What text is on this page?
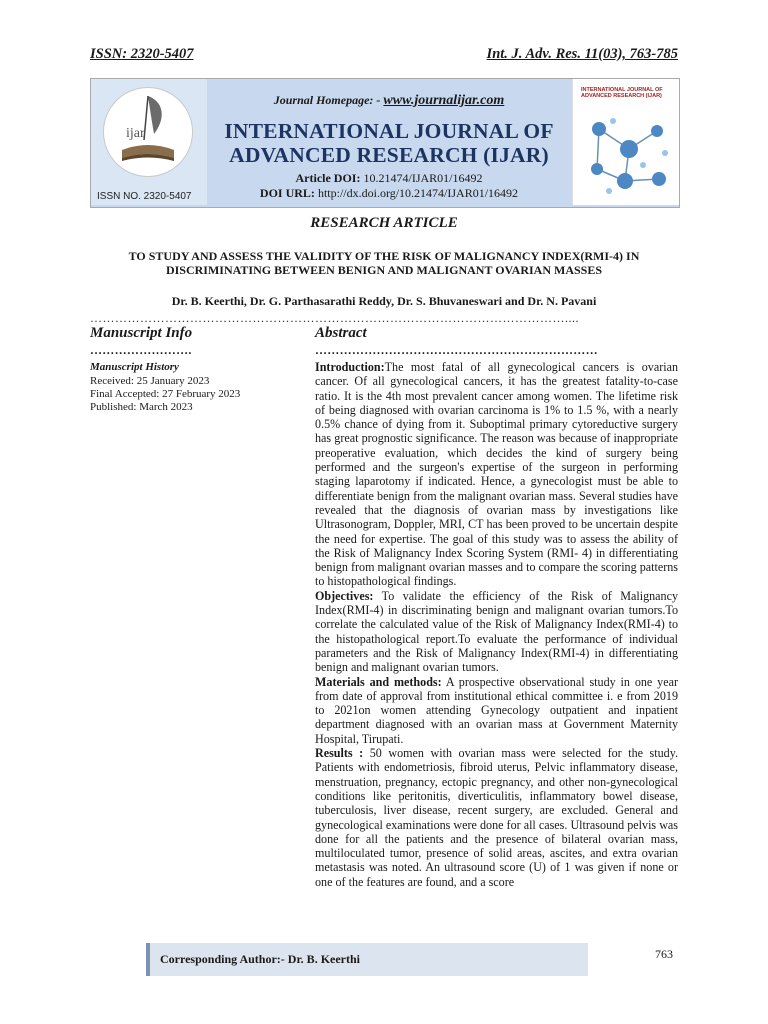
ISSN: 2320-5407	Int. J. Adv. Res. 11(03), 763-785
ijar
ISSN NO. 2320-5407
Journal Homepage: - www.journalijar.com
INTERNATIONAL JOURNAL OF
ADVANCED RESEARCH (IJAR)
Article DOI: 10.21474/IJAR01/16492
DOI URL: http://dx.doi.org/10.21474/IJAR01/16492
INTERNATIONAL JOURNAL OF ADVANCED RESEARCH (IJAR)
RESEARCH ARTICLE
TO STUDY AND ASSESS THE VALIDITY OF THE RISK OF MALIGNANCY INDEX(RMI-4) IN
DISCRIMINATING BETWEEN BENIGN AND MALIGNANT OVARIAN MASSES
Dr. B. Keerthi, Dr. G. Parthasarathi Reddy, Dr. S. Bhuvaneswari and Dr. N. Pavani
……………………………………………………………………………………………………....
Manuscript Info
…………………….
Manuscript History
Received: 25 January 2023
Final Accepted: 27 February 2023
Published: March 2023
Abstract
……………………………………………………………

Introduction:The most fatal of all gynecological cancers is ovarian cancer. Of all gynecological cancers, it has the greatest fatality-to-case ratio. It is the 4th most prevalent cancer among women. The lifetime risk of being diagnosed with ovarian carcinoma is 1% to 1.5 %, with a nearly 0.5% chance of dying from it. Suboptimal primary cytoreductive surgery has great prognostic significance. The reason was because of inappropriate preoperative evaluation, which decides the kind of surgery being performed and the surgeon's expertise of the surgeon in performing staging laparotomy if indicated. Hence, a gynecologist must be able to differentiate benign from the malignant ovarian mass. Several studies have revealed that the diagnosis of ovarian mass by investigations like Ultrasonogram, Doppler, MRI, CT has been proved to be uncertain despite the need for expertise. The goal of this study was to assess the ability of the Risk of Malignancy Index Scoring System (RMI- 4) in differentiating benign from malignant ovarian masses and to compare the scoring patterns to histopathological findings.

Objectives: To validate the efficiency of the Risk of Malignancy Index(RMI-4) in discriminating benign and malignant ovarian tumors.To correlate the calculated value of the Risk of Malignancy Index(RMI-4) to the histopathological report.To evaluate the performance of individual parameters and the Risk of Malignancy Index(RMI-4) in differentiating benign and malignant ovarian tumors.

Materials and methods: A prospective observational study in one year from date of approval from institutional ethical committee i. e from 2019 to 2021on women attending Gynecology outpatient and inpatient department diagnosed with an ovarian mass at Government Maternity Hospital, Tirupati.

Results : 50 women with ovarian mass were selected for the study. Patients with endometriosis, fibroid uterus, Pelvic inflammatory disease, menstruation, pregnancy, ectopic pregnancy, and other non-gynecological conditions like peritonitis, diverticulitis, inflammatory bowel disease, tuberculosis, liver disease, recent surgery, are excluded. General and gynecological examinations were done for all cases. Ultrasound pelvis was done for all the patients and the presence of bilateral ovarian mass, multiloculated tumor, presence of solid areas, ascites, and extra ovarian metastasis was noted. An ultrasound score (U) of 1 was given if none or one of the features are found, and a score

Corresponding Author:- Dr. B. Keerthi	763
